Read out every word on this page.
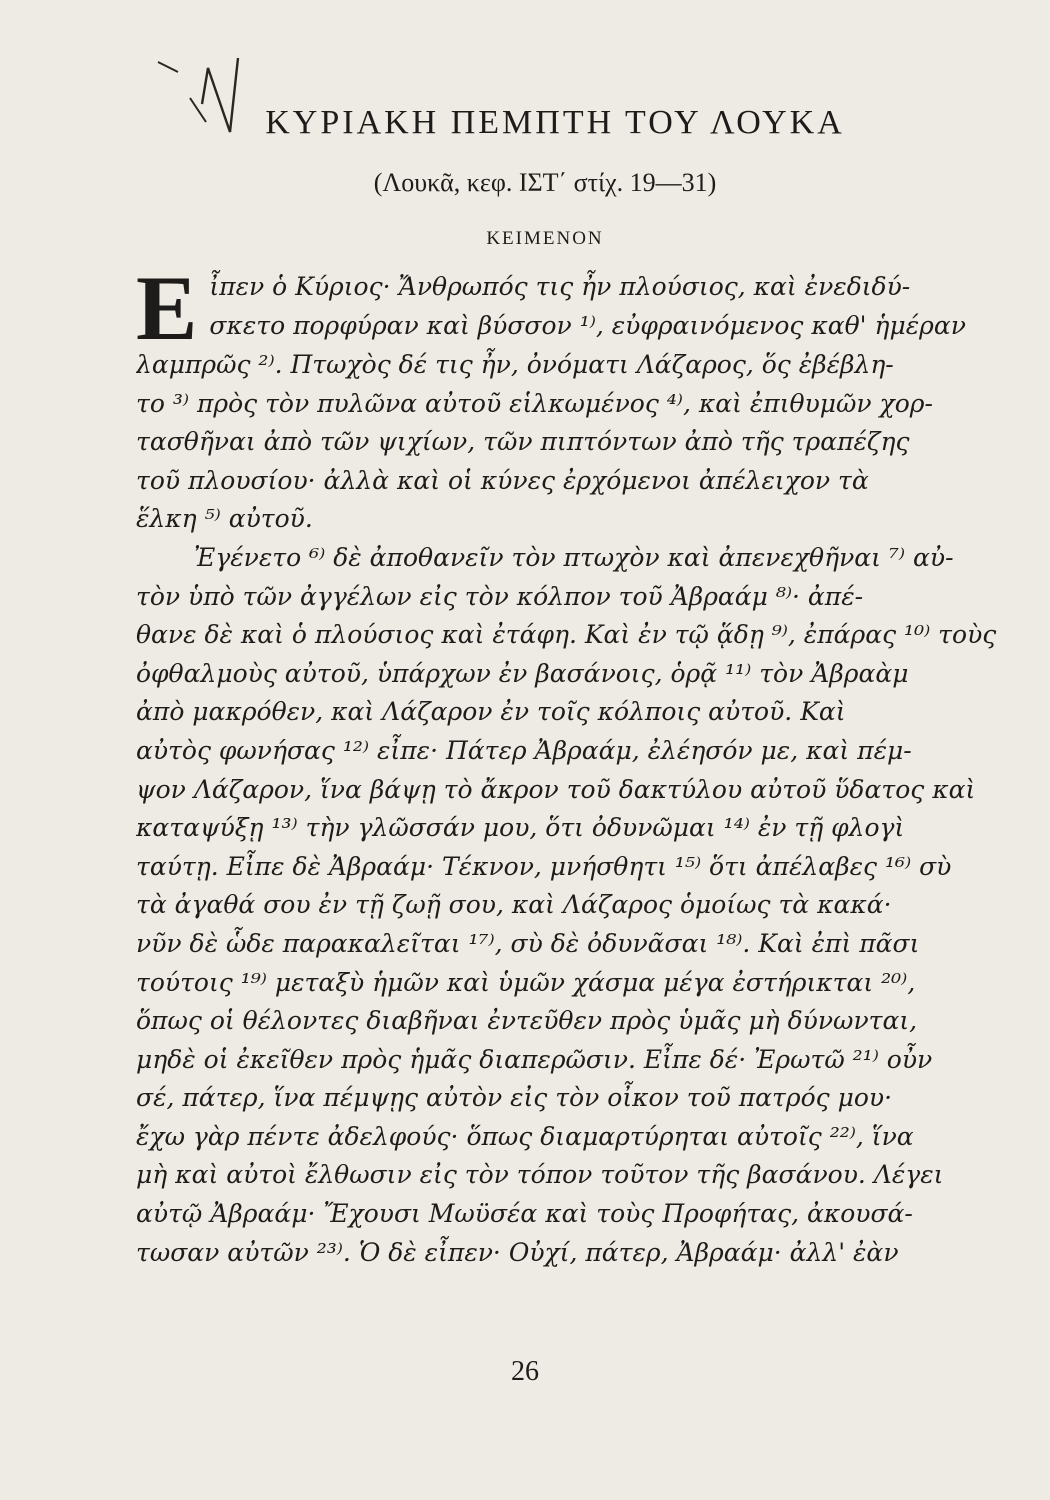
ΚΥΡΙΑΚΗ ΠΕΜΠΤΗ ΤΟΥ ΛΟΥΚΑ
(Λουκᾶ, κεφ. ΙΣΤ΄ στίχ. 19—31)
ΚΕΙΜΕΝΟΝ
Ε ἶπεν ὁ Κύριος· Ἄνθρωπός τις ἦν πλούσιος, καὶ ἐνεδιδύ-
σκετο πορφύραν καὶ βύσσον ¹⁾, εὐφραινόμενος καθ' ἡμέραν
λαμπρῶς ²⁾. Πτωχὸς δέ τις ἦν, ὀνόματι Λάζαρος, ὅς ἐβέβλη-
το ³⁾ πρὸς τὸν πυλῶνα αὐτοῦ εἱλκωμένος ⁴⁾, καὶ ἐπιθυμῶν χορ-
τασθῆναι ἀπὸ τῶν ψιχίων, τῶν πιπτόντων ἀπὸ τῆς τραπέζης
τοῦ πλουσίου· ἀλλὰ καὶ οἱ κύνες ἐρχόμενοι ἀπέλειχον τὰ
ἕλκη ⁵⁾ αὐτοῦ.
Ἐγένετο ⁶⁾ δὲ ἀποθανεῖν τὸν πτωχὸν καὶ ἀπενεχθῆναι ⁷⁾ αὐ-
τὸν ὑπὸ τῶν ἀγγέλων εἰς τὸν κόλπον τοῦ Ἀβραάμ ⁸⁾· ἀπέ-
θανε δὲ καὶ ὁ πλούσιος καὶ ἐτάφη. Καὶ ἐν τῷ ᾅδῃ ⁹⁾, ἐπάρας ¹⁰⁾ τοὺς
ὀφθαλμοὺς αὐτοῦ, ὑπάρχων ἐν βασάνοις, ὁρᾷ ¹¹⁾ τὸν Ἀβραὰμ
ἀπὸ μακρόθεν, καὶ Λάζαρον ἐν τοῖς κόλποις αὐτοῦ. Καὶ
αὐτὸς φωνήσας ¹²⁾ εἶπε· Πάτερ Ἀβραάμ, ἐλέησόν με, καὶ πέμ-
ψον Λάζαρον, ἵνα βάψῃ τὸ ἄκρον τοῦ δακτύλου αὐτοῦ ὕδατος καὶ
καταψύξῃ ¹³⁾ τὴν γλῶσσάν μου, ὅτι ὀδυνῶμαι ¹⁴⁾ ἐν τῇ φλογὶ
ταύτῃ. Εἶπε δὲ Ἀβραάμ· Τέκνον, μνήσθητι ¹⁵⁾ ὅτι ἀπέλαβες ¹⁶⁾ σὺ
τὰ ἀγαθά σου ἐν τῇ ζωῇ σου, καὶ Λάζαρος ὁμοίως τὰ κακά·
νῦν δὲ ὧδε παρακαλεῖται ¹⁷⁾, σὺ δὲ ὀδυνᾶσαι ¹⁸⁾. Καὶ ἐπὶ πᾶσι
τούτοις ¹⁹⁾ μεταξὺ ἡμῶν καὶ ὑμῶν χάσμα μέγα ἐστήρικται ²⁰⁾,
ὅπως οἱ θέλοντες διαβῆναι ἐντεῦθεν πρὸς ὑμᾶς μὴ δύνωνται,
μηδὲ οἱ ἐκεῖθεν πρὸς ἡμᾶς διαπερῶσιν. Εἶπε δέ· Ἐρωτῶ ²¹⁾ οὖν
σέ, πάτερ, ἵνα πέμψῃς αὐτὸν εἰς τὸν οἶκον τοῦ πατρός μου·
ἔχω γὰρ πέντε ἀδελφούς· ὅπως διαμαρτύρηται αὐτοῖς ²²⁾, ἵνα
μὴ καὶ αὐτοὶ ἔλθωσιν εἰς τὸν τόπον τοῦτον τῆς βασάνου. Λέγει
αὐτῷ Ἀβραάμ· Ἔχουσι Μωϋσέα καὶ τοὺς Προφήτας, ἀκουσά-
τωσαν αὐτῶν ²³⁾. Ὁ δὲ εἶπεν· Οὐχί, πάτερ, Ἀβραάμ· ἀλλ' ἐὰν
26
